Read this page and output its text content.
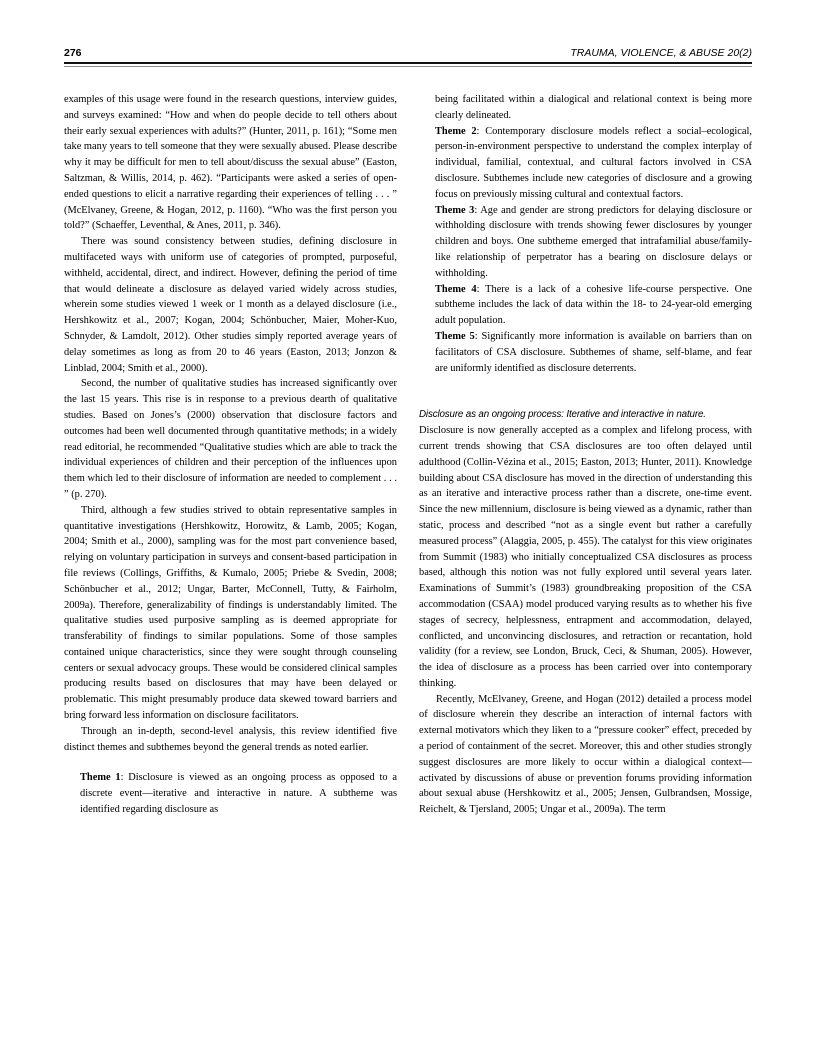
276	TRAUMA, VIOLENCE, & ABUSE 20(2)

examples of this usage were found in the research questions, interview guides, and surveys examined: “How and when do people decide to tell others about their early sexual experiences with adults?” (Hunter, 2011, p. 161); “Some men take many years to tell someone that they were sexually abused. Please describe why it may be difficult for men to tell about/discuss the sexual abuse” (Easton, Saltzman, & Willis, 2014, p. 462). “Participants were asked a series of open-ended questions to elicit a narrative regarding their experiences of telling . . . ” (McElvaney, Greene, & Hogan, 2012, p. 1160). “Who was the first person you told?” (Schaeffer, Leventhal, & Anes, 2011, p. 346).

There was sound consistency between studies, defining disclosure in multifaceted ways with uniform use of categories of prompted, purposeful, withheld, accidental, direct, and indirect. However, defining the period of time that would delineate a disclosure as delayed varied widely across studies, wherein some studies viewed 1 week or 1 month as a delayed disclosure (i.e., Hershkowitz et al., 2007; Kogan, 2004; Schönbucher, Maier, Moher-Kuo, Schnyder, & Lamdolt, 2012). Other studies simply reported average years of delay sometimes as long as from 20 to 46 years (Easton, 2013; Jonzon & Linblad, 2004; Smith et al., 2000).

Second, the number of qualitative studies has increased significantly over the last 15 years. This rise is in response to a previous dearth of qualitative studies. Based on Jones’s (2000) observation that disclosure factors and outcomes had been well documented through quantitative methods; in a widely read editorial, he recommended “Qualitative studies which are able to track the individual experiences of children and their perception of the influences upon them which led to their disclosure of information are needed to complement . . . ” (p. 270).

Third, although a few studies strived to obtain representative samples in quantitative investigations (Hershkowitz, Horowitz, & Lamb, 2005; Kogan, 2004; Smith et al., 2000), sampling was for the most part convenience based, relying on voluntary participation in surveys and consent-based participation in file reviews (Collings, Griffiths, & Kumalo, 2005; Priebe & Svedin, 2008; Schönbucher et al., 2012; Ungar, Barter, McConnell, Tutty, & Fairholm, 2009a). Therefore, generalizability of findings is understandably limited. The qualitative studies used purposive sampling as is deemed appropriate for transferability of findings to similar populations. Some of those samples contained unique characteristics, since they were sought through counseling centers or sexual advocacy groups. These would be considered clinical samples producing results based on disclosures that may have been delayed or problematic. This might presumably produce data skewed toward barriers and bring forward less information on disclosure facilitators.

Through an in-depth, second-level analysis, this review identified five distinct themes and subthemes beyond the general trends as noted earlier.

Theme 1: Disclosure is viewed as an ongoing process as opposed to a discrete event—iterative and interactive in nature. A subtheme was identified regarding disclosure as

being facilitated within a dialogical and relational context is being more clearly delineated.

Theme 2: Contemporary disclosure models reflect a social–ecological, person-in-environment perspective to understand the complex interplay of individual, familial, contextual, and cultural factors involved in CSA disclosure. Subthemes include new categories of disclosure and a growing focus on previously missing cultural and contextual factors.

Theme 3: Age and gender are strong predictors for delaying disclosure or withholding disclosure with trends showing fewer disclosures by younger children and boys. One subtheme emerged that intrafamilial abuse/family-like relationship of perpetrator has a bearing on disclosure delays or withholding.

Theme 4: There is a lack of a cohesive life-course perspective. One subtheme includes the lack of data within the 18- to 24-year-old emerging adult population.

Theme 5: Significantly more information is available on barriers than on facilitators of CSA disclosure. Subthemes of shame, self-blame, and fear are uniformly identified as disclosure deterrents.

Disclosure as an ongoing process: Iterative and interactive in nature.

Disclosure is now generally accepted as a complex and lifelong process, with current trends showing that CSA disclosures are too often delayed until adulthood (Collin-Vézina et al., 2015; Easton, 2013; Hunter, 2011). Knowledge building about CSA disclosure has moved in the direction of understanding this as an iterative and interactive process rather than a discrete, one-time event. Since the new millennium, disclosure is being viewed as a dynamic, rather than static, process and described “not as a single event but rather a carefully measured process” (Alaggia, 2005, p. 455). The catalyst for this view originates from Summit (1983) who initially conceptualized CSA disclosures as process based, although this notion was not fully explored until several years later. Examinations of Summit’s (1983) groundbreaking proposition of the CSA accommodation (CSAA) model produced varying results as to whether his five stages of secrecy, helplessness, entrapment and accommodation, delayed, conflicted, and unconvincing disclosures, and retraction or recantation, hold validity (for a review, see London, Bruck, Ceci, & Shuman, 2005). However, the idea of disclosure as a process has been carried over into contemporary thinking.

Recently, McElvaney, Greene, and Hogan (2012) detailed a process model of disclosure wherein they describe an interaction of internal factors with external motivators which they liken to a “pressure cooker” effect, preceded by a period of containment of the secret. Moreover, this and other studies strongly suggest disclosures are more likely to occur within a dialogical context—activated by discussions of abuse or prevention forums providing information about sexual abuse (Hershkowitz et al., 2005; Jensen, Gulbrandsen, Mossige, Reichelt, & Tjersland, 2005; Ungar et al., 2009a). The term
